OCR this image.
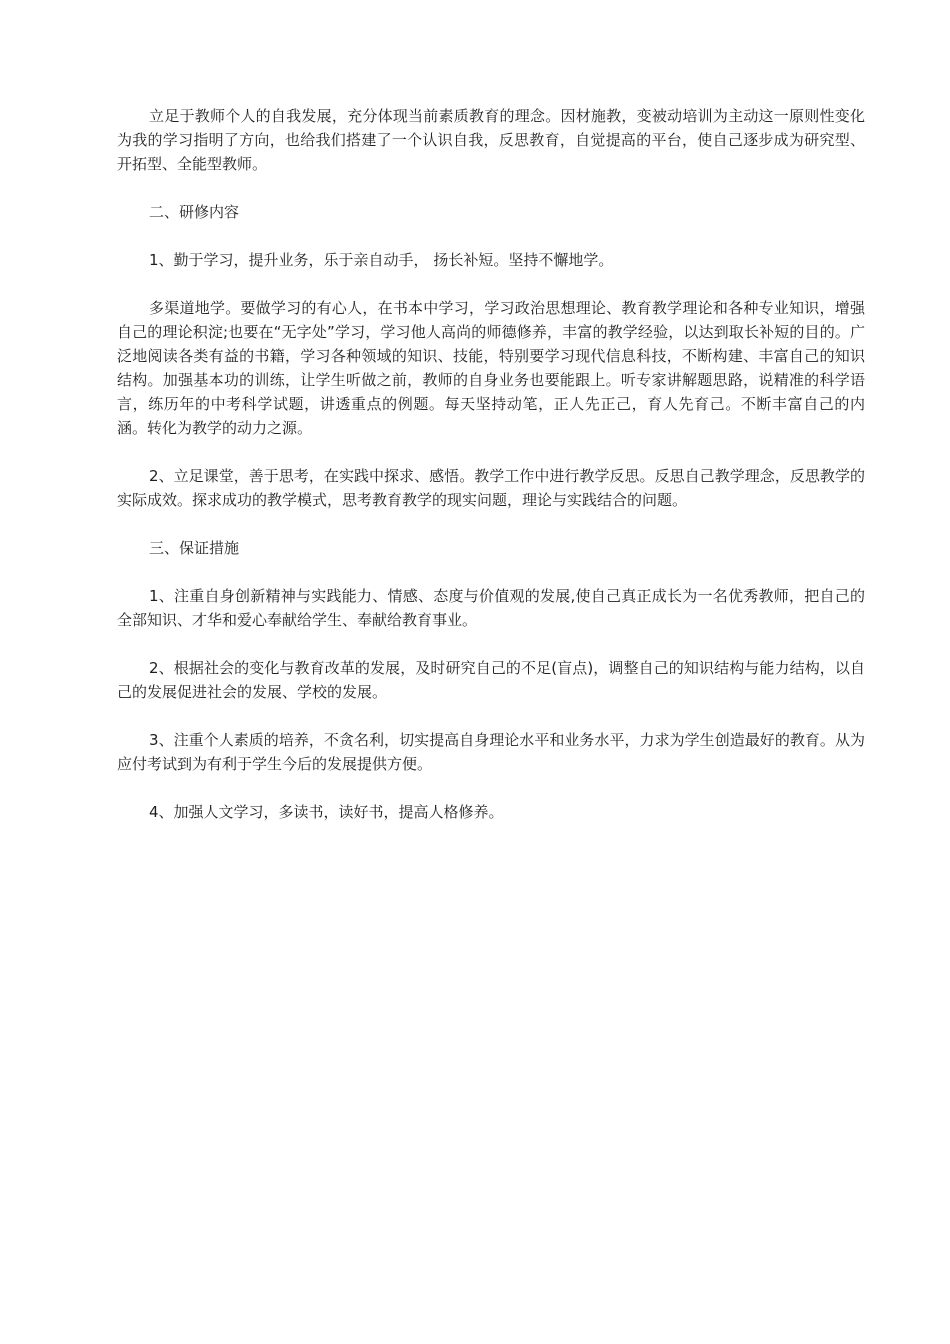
立足于教师个人的自我发展，充分体现当前素质教育的理念。因材施教，变被动培训为主动这一原则性变化为我的学习指明了方向，也给我们搭建了一个认识自我，反思教育，自觉提高的平台，使自己逐步成为研究型、开拓型、全能型教师。

二、研修内容

1、勤于学习，提升业务，乐于亲自动手， 扬长补短。坚持不懈地学。

多渠道地学。要做学习的有心人，在书本中学习，学习政治思想理论、教育教学理论和各种专业知识，增强自己的理论积淀;也要在“无字处”学习，学习他人高尚的师德修养，丰富的教学经验，以达到取长补短的目的。广泛地阅读各类有益的书籍，学习各种领域的知识、技能，特别要学习现代信息科技，不断构建、丰富自己的知识结构。加强基本功的训练，让学生听做之前，教师的自身业务也要能跟上。听专家讲解题思路，说精准的科学语言，练历年的中考科学试题，讲透重点的例题。每天坚持动笔，正人先正己，育人先育己。不断丰富自己的内涵。转化为教学的动力之源。

2、立足课堂，善于思考，在实践中探求、感悟。教学工作中进行教学反思。反思自己教学理念，反思教学的实际成效。探求成功的教学模式，思考教育教学的现实问题，理论与实践结合的问题。

三、保证措施

1、注重自身创新精神与实践能力、情感、态度与价值观的发展,使自己真正成长为一名优秀教师，把自己的全部知识、才华和爱心奉献给学生、奉献给教育事业。

2、根据社会的变化与教育改革的发展，及时研究自己的不足(盲点)，调整自己的知识结构与能力结构，以自己的发展促进社会的发展、学校的发展。

3、注重个人素质的培养，不贪名利，切实提高自身理论水平和业务水平，力求为学生创造最好的教育。从为应付考试到为有利于学生今后的发展提供方便。

4、加强人文学习，多读书，读好书，提高人格修养。
